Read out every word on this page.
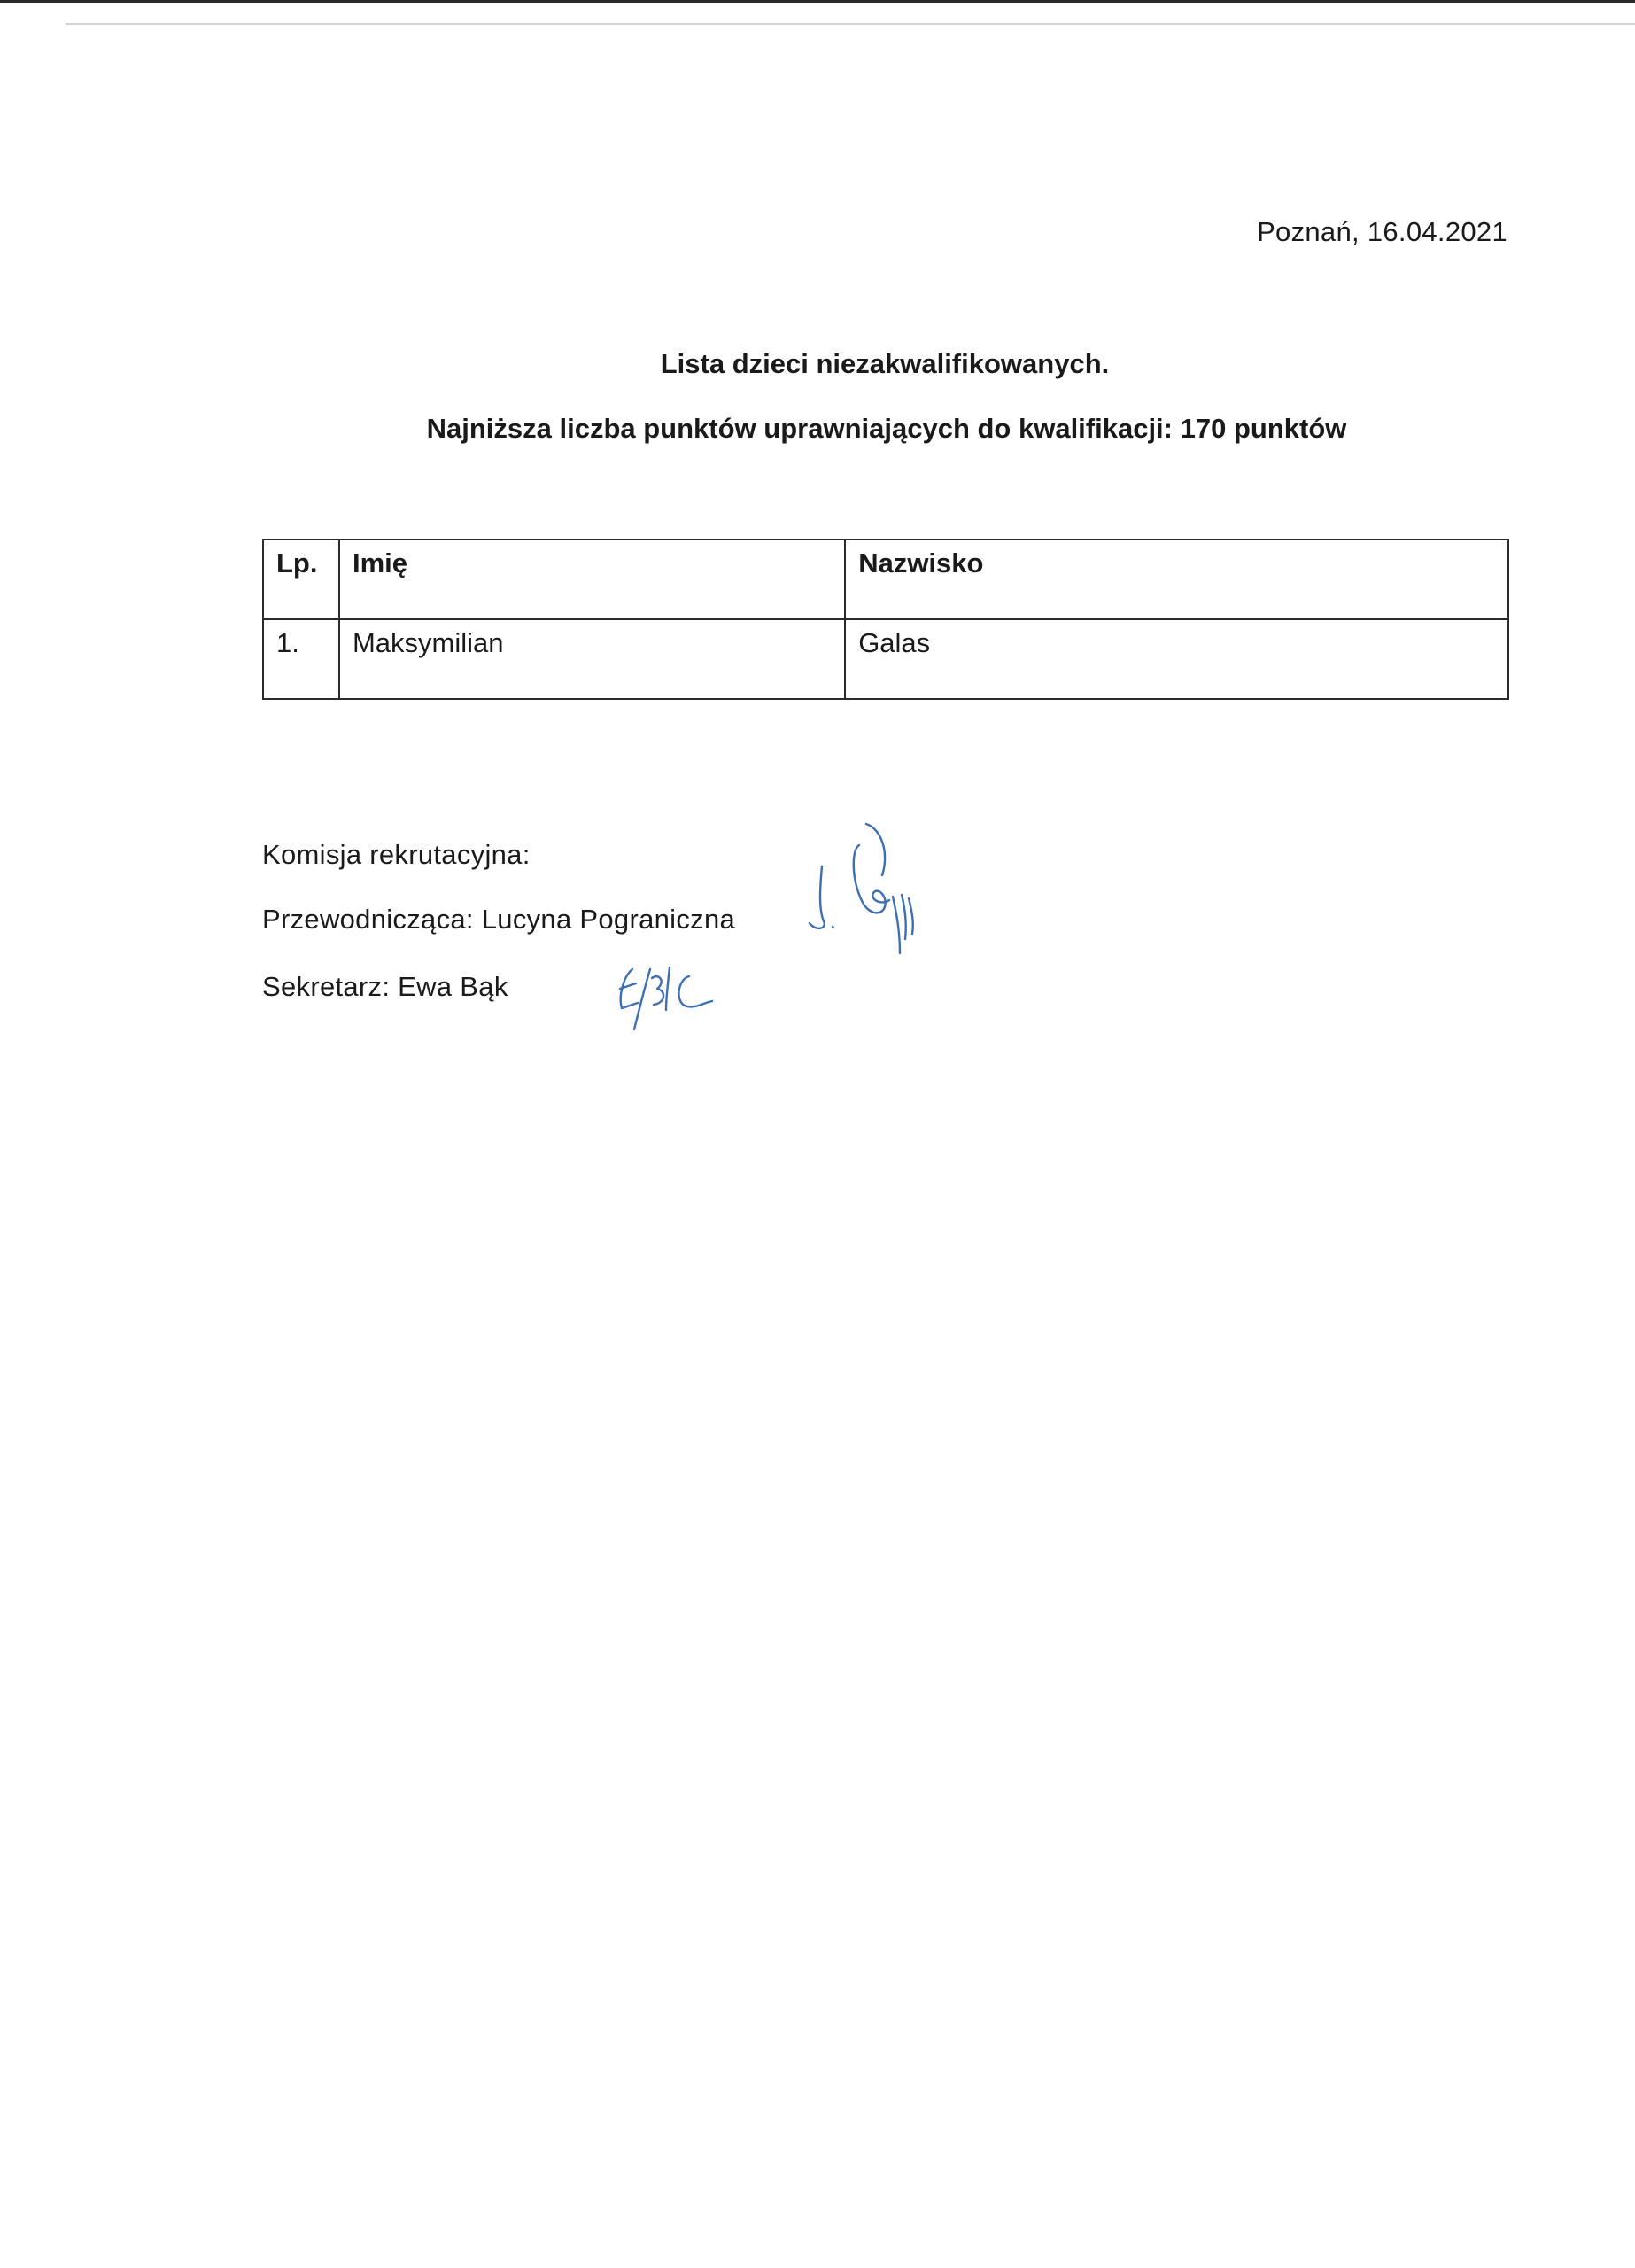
Poznań, 16.04.2021
Lista dzieci niezakwalifikowanych.
Najniższa liczba punktów uprawniających do kwalifikacji: 170 punktów
Lp.	Imię	Nazwisko
1.	Maksymilian	Galas
Komisja rekrutacyjna:
Przewodnicząca: Lucyna Pograniczna
Sekretarz: Ewa Bąk
